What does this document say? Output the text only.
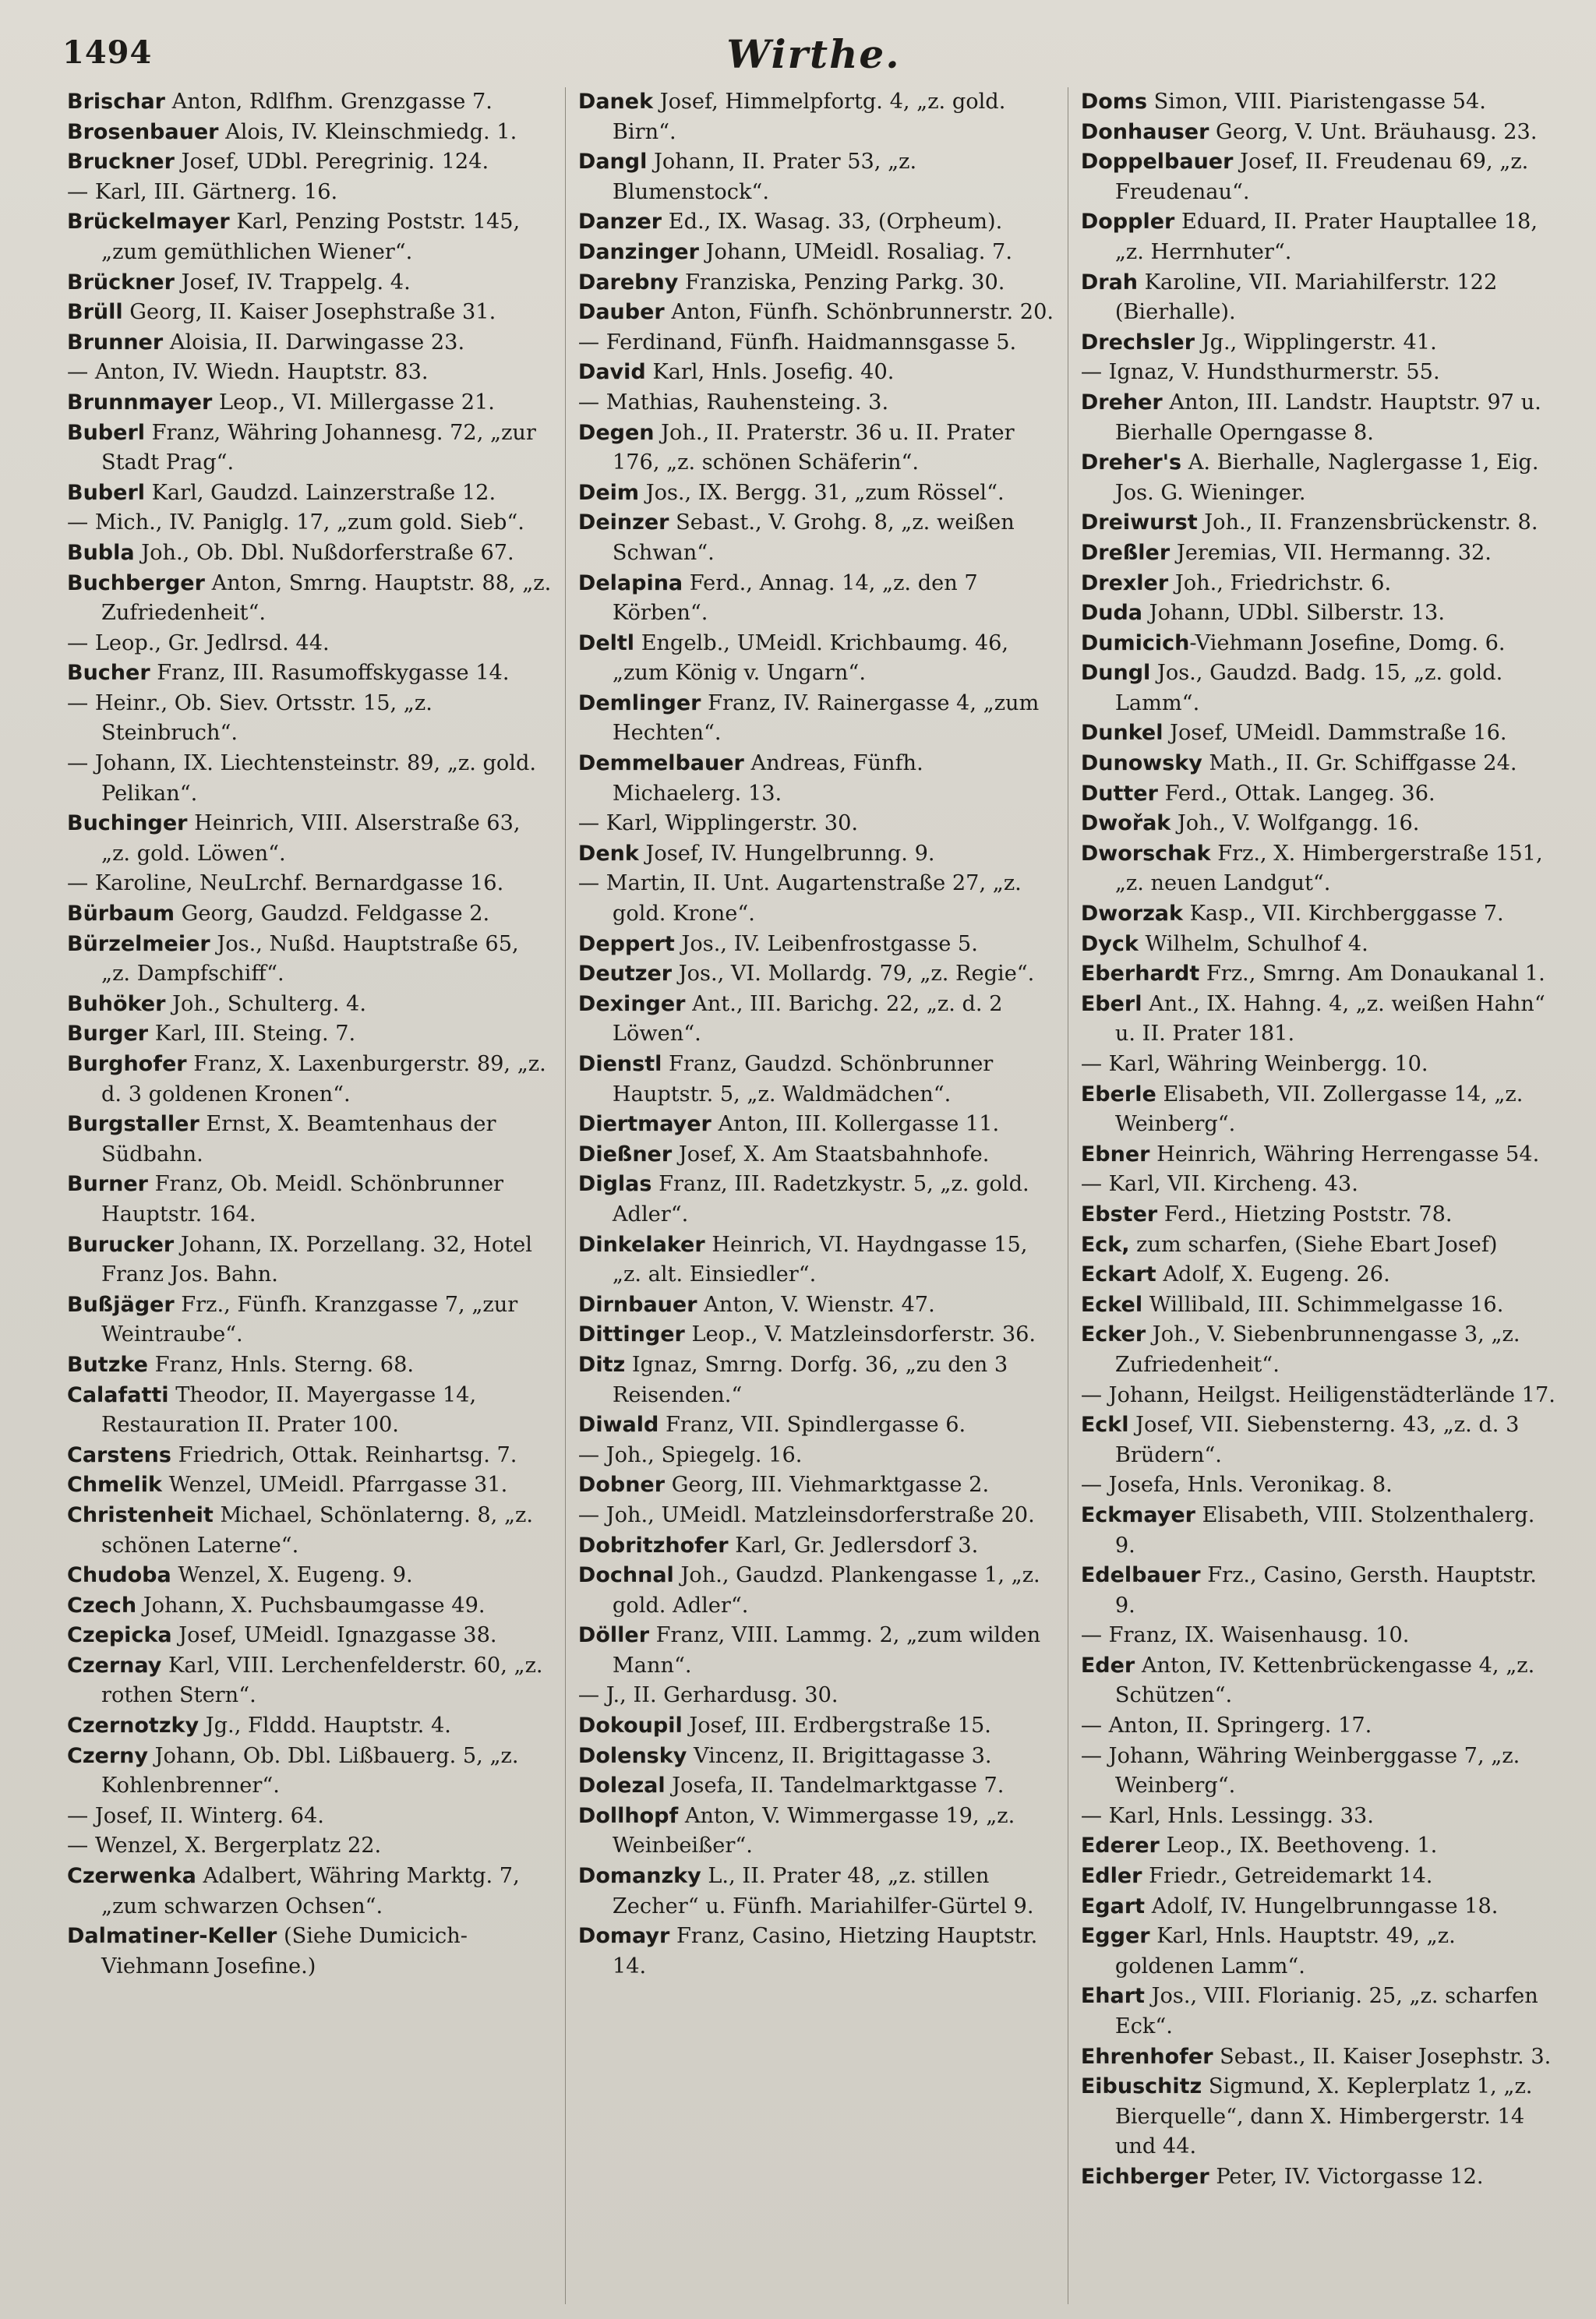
1494	Wirthe.

Brischar Anton, Rdlfhm. Grenzgasse 7.

Brosenbauer Alois, IV. Kleinschmiedg. 1.

Bruckner Josef, UDbl. Peregrinig. 124.

— Karl, III. Gärtnerg. 16.

Brückelmayer Karl, Penzing Poststr. 145, „zum gemüthlichen Wiener“.

Brückner Josef, IV. Trappelg. 4.

Brüll Georg, II. Kaiser Josephstraße 31.

Brunner Aloisia, II. Darwingasse 23.

— Anton, IV. Wiedn. Hauptstr. 83.

Brunnmayer Leop., VI. Millergasse 21.

Buberl Franz, Währing Johannesg. 72, „zur Stadt Prag“.

Buberl Karl, Gaudzd. Lainzerstraße 12.

— Mich., IV. Paniglg. 17, „zum gold. Sieb“.

Bubla Joh., Ob. Dbl. Nußdorferstraße 67.

Buchberger Anton, Smrng. Hauptstr. 88, „z. Zufriedenheit“.

— Leop., Gr. Jedlrsd. 44.

Bucher Franz, III. Rasumoffskygasse 14.

— Heinr., Ob. Siev. Ortsstr. 15, „z. Steinbruch“.

— Johann, IX. Liechtensteinstr. 89, „z. gold. Pelikan“.

Buchinger Heinrich, VIII. Alserstraße 63, „z. gold. Löwen“.

— Karoline, NeuLrchf. Bernardgasse 16.

Bürbaum Georg, Gaudzd. Feldgasse 2.

Bürzelmeier Jos., Nußd. Hauptstraße 65, „z. Dampfschiff“.

Buhöker Joh., Schulterg. 4.

Burger Karl, III. Steing. 7.

Burghofer Franz, X. Laxenburgerstr. 89, „z. d. 3 goldenen Kronen“.

Burgstaller Ernst, X. Beamtenhaus der Südbahn.

Burner Franz, Ob. Meidl. Schönbrunner Hauptstr. 164.

Burucker Johann, IX. Porzellang. 32, Hotel Franz Jos. Bahn.

Bußjäger Frz., Fünfh. Kranzgasse 7, „zur Weintraube“.

Butzke Franz, Hnls. Sterng. 68.

Calafatti Theodor, II. Mayergasse 14, Restauration II. Prater 100.

Carstens Friedrich, Ottak. Reinhartsg. 7.

Chmelik Wenzel, UMeidl. Pfarrgasse 31.

Christenheit Michael, Schönlaterng. 8, „z. schönen Laterne“.

Chudoba Wenzel, X. Eugeng. 9.

Czech Johann, X. Puchsbaumgasse 49.

Czepicka Josef, UMeidl. Ignazgasse 38.

Czernay Karl, VIII. Lerchenfelderstr. 60, „z. rothen Stern“.

Czernotzky Jg., Flddd. Hauptstr. 4.

Czerny Johann, Ob. Dbl. Lißbauerg. 5, „z. Kohlenbrenner“.

— Josef, II. Winterg. 64.

— Wenzel, X. Bergerplatz 22.

Czerwenka Adalbert, Währing Marktg. 7, „zum schwarzen Ochsen“.

Dalmatiner-Keller (Siehe Dumicich-Viehmann Josefine.)

Danek Josef, Himmelpfortg. 4, „z. gold. Birn“.

Dangl Johann, II. Prater 53, „z. Blumenstock“.

Danzer Ed., IX. Wasag. 33, (Orpheum).

Danzinger Johann, UMeidl. Rosaliag. 7.

Darebny Franziska, Penzing Parkg. 30.

Dauber Anton, Fünfh. Schönbrunnerstr. 20.

— Ferdinand, Fünfh. Haidmannsgasse 5.

David Karl, Hnls. Josefig. 40.

— Mathias, Rauhensteing. 3.

Degen Joh., II. Praterstr. 36 u. II. Prater 176, „z. schönen Schäferin“.

Deim Jos., IX. Bergg. 31, „zum Rössel“.

Deinzer Sebast., V. Grohg. 8, „z. weißen Schwan“.

Delapina Ferd., Annag. 14, „z. den 7 Körben“.

Deltl Engelb., UMeidl. Krichbaumg. 46, „zum König v. Ungarn“.

Demlinger Franz, IV. Rainergasse 4, „zum Hechten“.

Demmelbauer Andreas, Fünfh. Michaelerg. 13.

— Karl, Wipplingerstr. 30.

Denk Josef, IV. Hungelbrunng. 9.

— Martin, II. Unt. Augartenstraße 27, „z. gold. Krone“.

Deppert Jos., IV. Leibenfrostgasse 5.

Deutzer Jos., VI. Mollardg. 79, „z. Regie“.

Dexinger Ant., III. Barichg. 22, „z. d. 2 Löwen“.

Dienstl Franz, Gaudzd. Schönbrunner Hauptstr. 5, „z. Waldmädchen“.

Diertmayer Anton, III. Kollergasse 11.

Dießner Josef, X. Am Staatsbahnhofe.

Diglas Franz, III. Radetzkystr. 5, „z. gold. Adler“.

Dinkelaker Heinrich, VI. Haydngasse 15, „z. alt. Einsiedler“.

Dirnbauer Anton, V. Wienstr. 47.

Dittinger Leop., V. Matzleinsdorferstr. 36.

Ditz Ignaz, Smrng. Dorfg. 36, „zu den 3 Reisenden.“

Diwald Franz, VII. Spindlergasse 6.

— Joh., Spiegelg. 16.

Dobner Georg, III. Viehmarktgasse 2.

— Joh., UMeidl. Matzleinsdorferstraße 20.

Dobritzhofer Karl, Gr. Jedlersdorf 3.

Dochnal Joh., Gaudzd. Plankengasse 1, „z. gold. Adler“.

Döller Franz, VIII. Lammg. 2, „zum wilden Mann“.

— J., II. Gerhardusg. 30.

Dokoupil Josef, III. Erdbergstraße 15.

Dolensky Vincenz, II. Brigittagasse 3.

Dolezal Josefa, II. Tandelmarktgasse 7.

Dollhopf Anton, V. Wimmergasse 19, „z. Weinbeißer“.

Domanzky L., II. Prater 48, „z. stillen Zecher“ u. Fünfh. Mariahilfer-Gürtel 9.

Domayr Franz, Casino, Hietzing Hauptstr. 14.

Doms Simon, VIII. Piaristengasse 54.

Donhauser Georg, V. Unt. Bräuhausg. 23.

Doppelbauer Josef, II. Freudenau 69, „z. Freudenau“.

Doppler Eduard, II. Prater Hauptallee 18, „z. Herrnhuter“.

Drah Karoline, VII. Mariahilferstr. 122 (Bierhalle).

Drechsler Jg., Wipplingerstr. 41.

— Ignaz, V. Hundsthurmerstr. 55.

Dreher Anton, III. Landstr. Hauptstr. 97 u. Bierhalle Operngasse 8.

Dreher's A. Bierhalle, Naglergasse 1, Eig. Jos. G. Wieninger.

Dreiwurst Joh., II. Franzensbrückenstr. 8.

Dreßler Jeremias, VII. Hermanng. 32.

Drexler Joh., Friedrichstr. 6.

Duda Johann, UDbl. Silberstr. 13.

Dumicich-Viehmann Josefine, Domg. 6.

Dungl Jos., Gaudzd. Badg. 15, „z. gold. Lamm“.

Dunkel Josef, UMeidl. Dammstraße 16.

Dunowsky Math., II. Gr. Schiffgasse 24.

Dutter Ferd., Ottak. Langeg. 36.

Dwořak Joh., V. Wolfgangg. 16.

Dworschak Frz., X. Himbergerstraße 151, „z. neuen Landgut“.

Dworzak Kasp., VII. Kirchberggasse 7.

Dyck Wilhelm, Schulhof 4.

Eberhardt Frz., Smrng. Am Donaukanal 1.

Eberl Ant., IX. Hahng. 4, „z. weißen Hahn“ u. II. Prater 181.

— Karl, Währing Weinbergg. 10.

Eberle Elisabeth, VII. Zollergasse 14, „z. Weinberg“.

Ebner Heinrich, Währing Herrengasse 54.

— Karl, VII. Kircheng. 43.

Ebster Ferd., Hietzing Poststr. 78.

Eck, zum scharfen, (Siehe Ebart Josef)

Eckart Adolf, X. Eugeng. 26.

Eckel Willibald, III. Schimmelgasse 16.

Ecker Joh., V. Siebenbrunnengasse 3, „z. Zufriedenheit“.

— Johann, Heilgst. Heiligenstädterlände 17.

Eckl Josef, VII. Siebensterng. 43, „z. d. 3 Brüdern“.

— Josefa, Hnls. Veronikag. 8.

Eckmayer Elisabeth, VIII. Stolzenthalerg. 9.

Edelbauer Frz., Casino, Gersth. Hauptstr. 9.

— Franz, IX. Waisenhausg. 10.

Eder Anton, IV. Kettenbrückengasse 4, „z. Schützen“.

— Anton, II. Springerg. 17.

— Johann, Währing Weinberggasse 7, „z. Weinberg“.

— Karl, Hnls. Lessingg. 33.

Ederer Leop., IX. Beethoveng. 1.

Edler Friedr., Getreidemarkt 14.

Egart Adolf, IV. Hungelbrunngasse 18.

Egger Karl, Hnls. Hauptstr. 49, „z. goldenen Lamm“.

Ehart Jos., VIII. Florianig. 25, „z. scharfen Eck“.

Ehrenhofer Sebast., II. Kaiser Josephstr. 3.

Eibuschitz Sigmund, X. Keplerplatz 1, „z. Bierquelle“, dann X. Himbergerstr. 14 und 44.

Eichberger Peter, IV. Victorgasse 12.
